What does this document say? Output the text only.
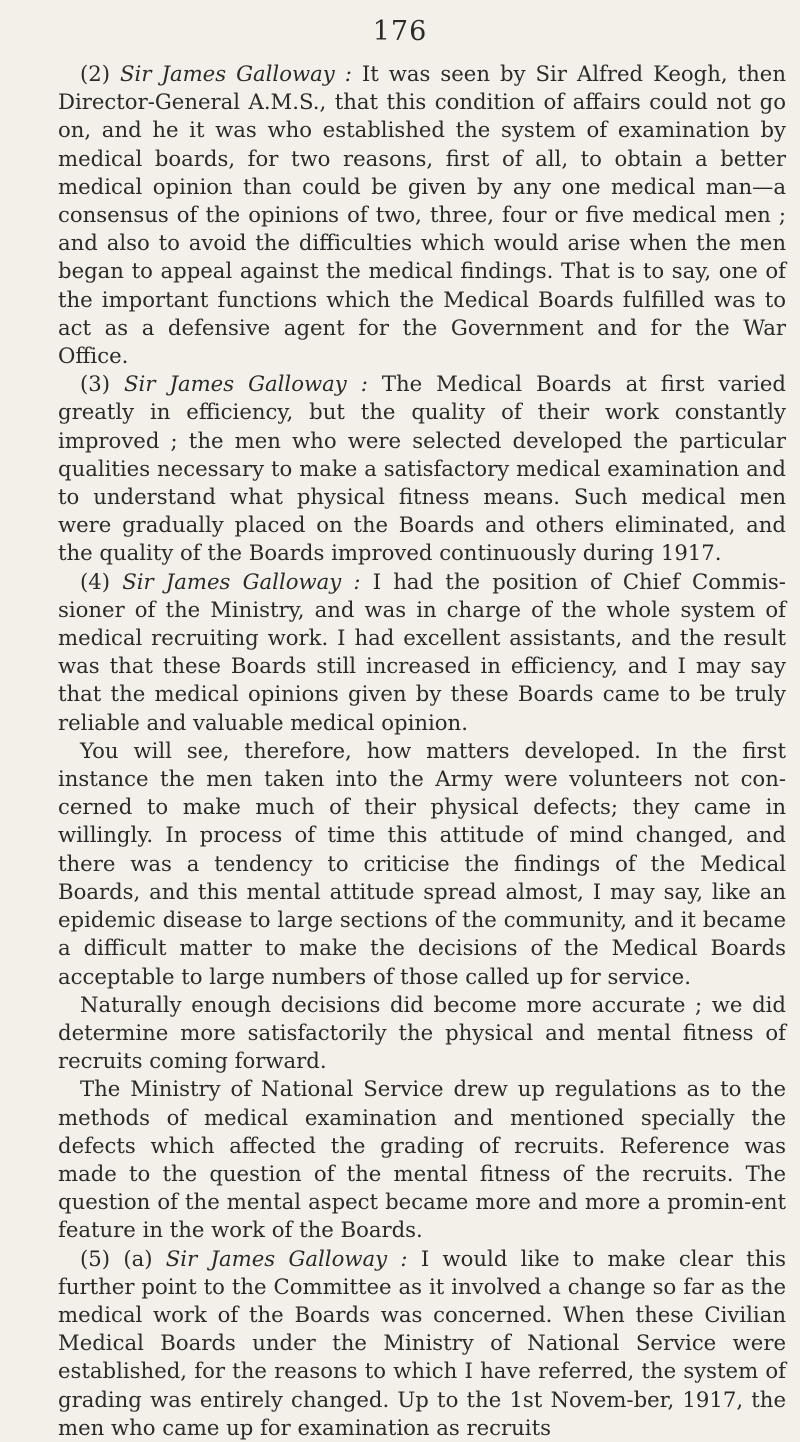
176

(2) Sir James Galloway : It was seen by Sir Alfred Keogh, then Director-General A.M.S., that this condition of affairs could not go on, and he it was who established the system of examination by medical boards, for two reasons, first of all, to obtain a better medical opinion than could be given by any one medical man—a consensus of the opinions of two, three, four or five medical men ; and also to avoid the difficulties which would arise when the men began to appeal against the medical findings. That is to say, one of the important functions which the Medical Boards fulfilled was to act as a defensive agent for the Government and for the War Office.

(3) Sir James Galloway : The Medical Boards at first varied greatly in efficiency, but the quality of their work constantly improved ; the men who were selected developed the particular qualities necessary to make a satisfactory medical examination and to understand what physical fitness means. Such medical men were gradually placed on the Boards and others eliminated, and the quality of the Boards improved continuously during 1917.

(4) Sir James Galloway : I had the position of Chief Commis-sioner of the Ministry, and was in charge of the whole system of medical recruiting work. I had excellent assistants, and the result was that these Boards still increased in efficiency, and I may say that the medical opinions given by these Boards came to be truly reliable and valuable medical opinion.

You will see, therefore, how matters developed. In the first instance the men taken into the Army were volunteers not con-cerned to make much of their physical defects; they came in willingly. In process of time this attitude of mind changed, and there was a tendency to criticise the findings of the Medical Boards, and this mental attitude spread almost, I may say, like an epidemic disease to large sections of the community, and it became a difficult matter to make the decisions of the Medical Boards acceptable to large numbers of those called up for service.

Naturally enough decisions did become more accurate ; we did determine more satisfactorily the physical and mental fitness of recruits coming forward.

The Ministry of National Service drew up regulations as to the methods of medical examination and mentioned specially the defects which affected the grading of recruits. Reference was made to the question of the mental fitness of the recruits. The question of the mental aspect became more and more a promin-ent feature in the work of the Boards.

(5) (a) Sir James Galloway : I would like to make clear this further point to the Committee as it involved a change so far as the medical work of the Boards was concerned. When these Civilian Medical Boards under the Ministry of National Service were established, for the reasons to which I have referred, the system of grading was entirely changed. Up to the 1st Novem-ber, 1917, the men who came up for examination as recruits
